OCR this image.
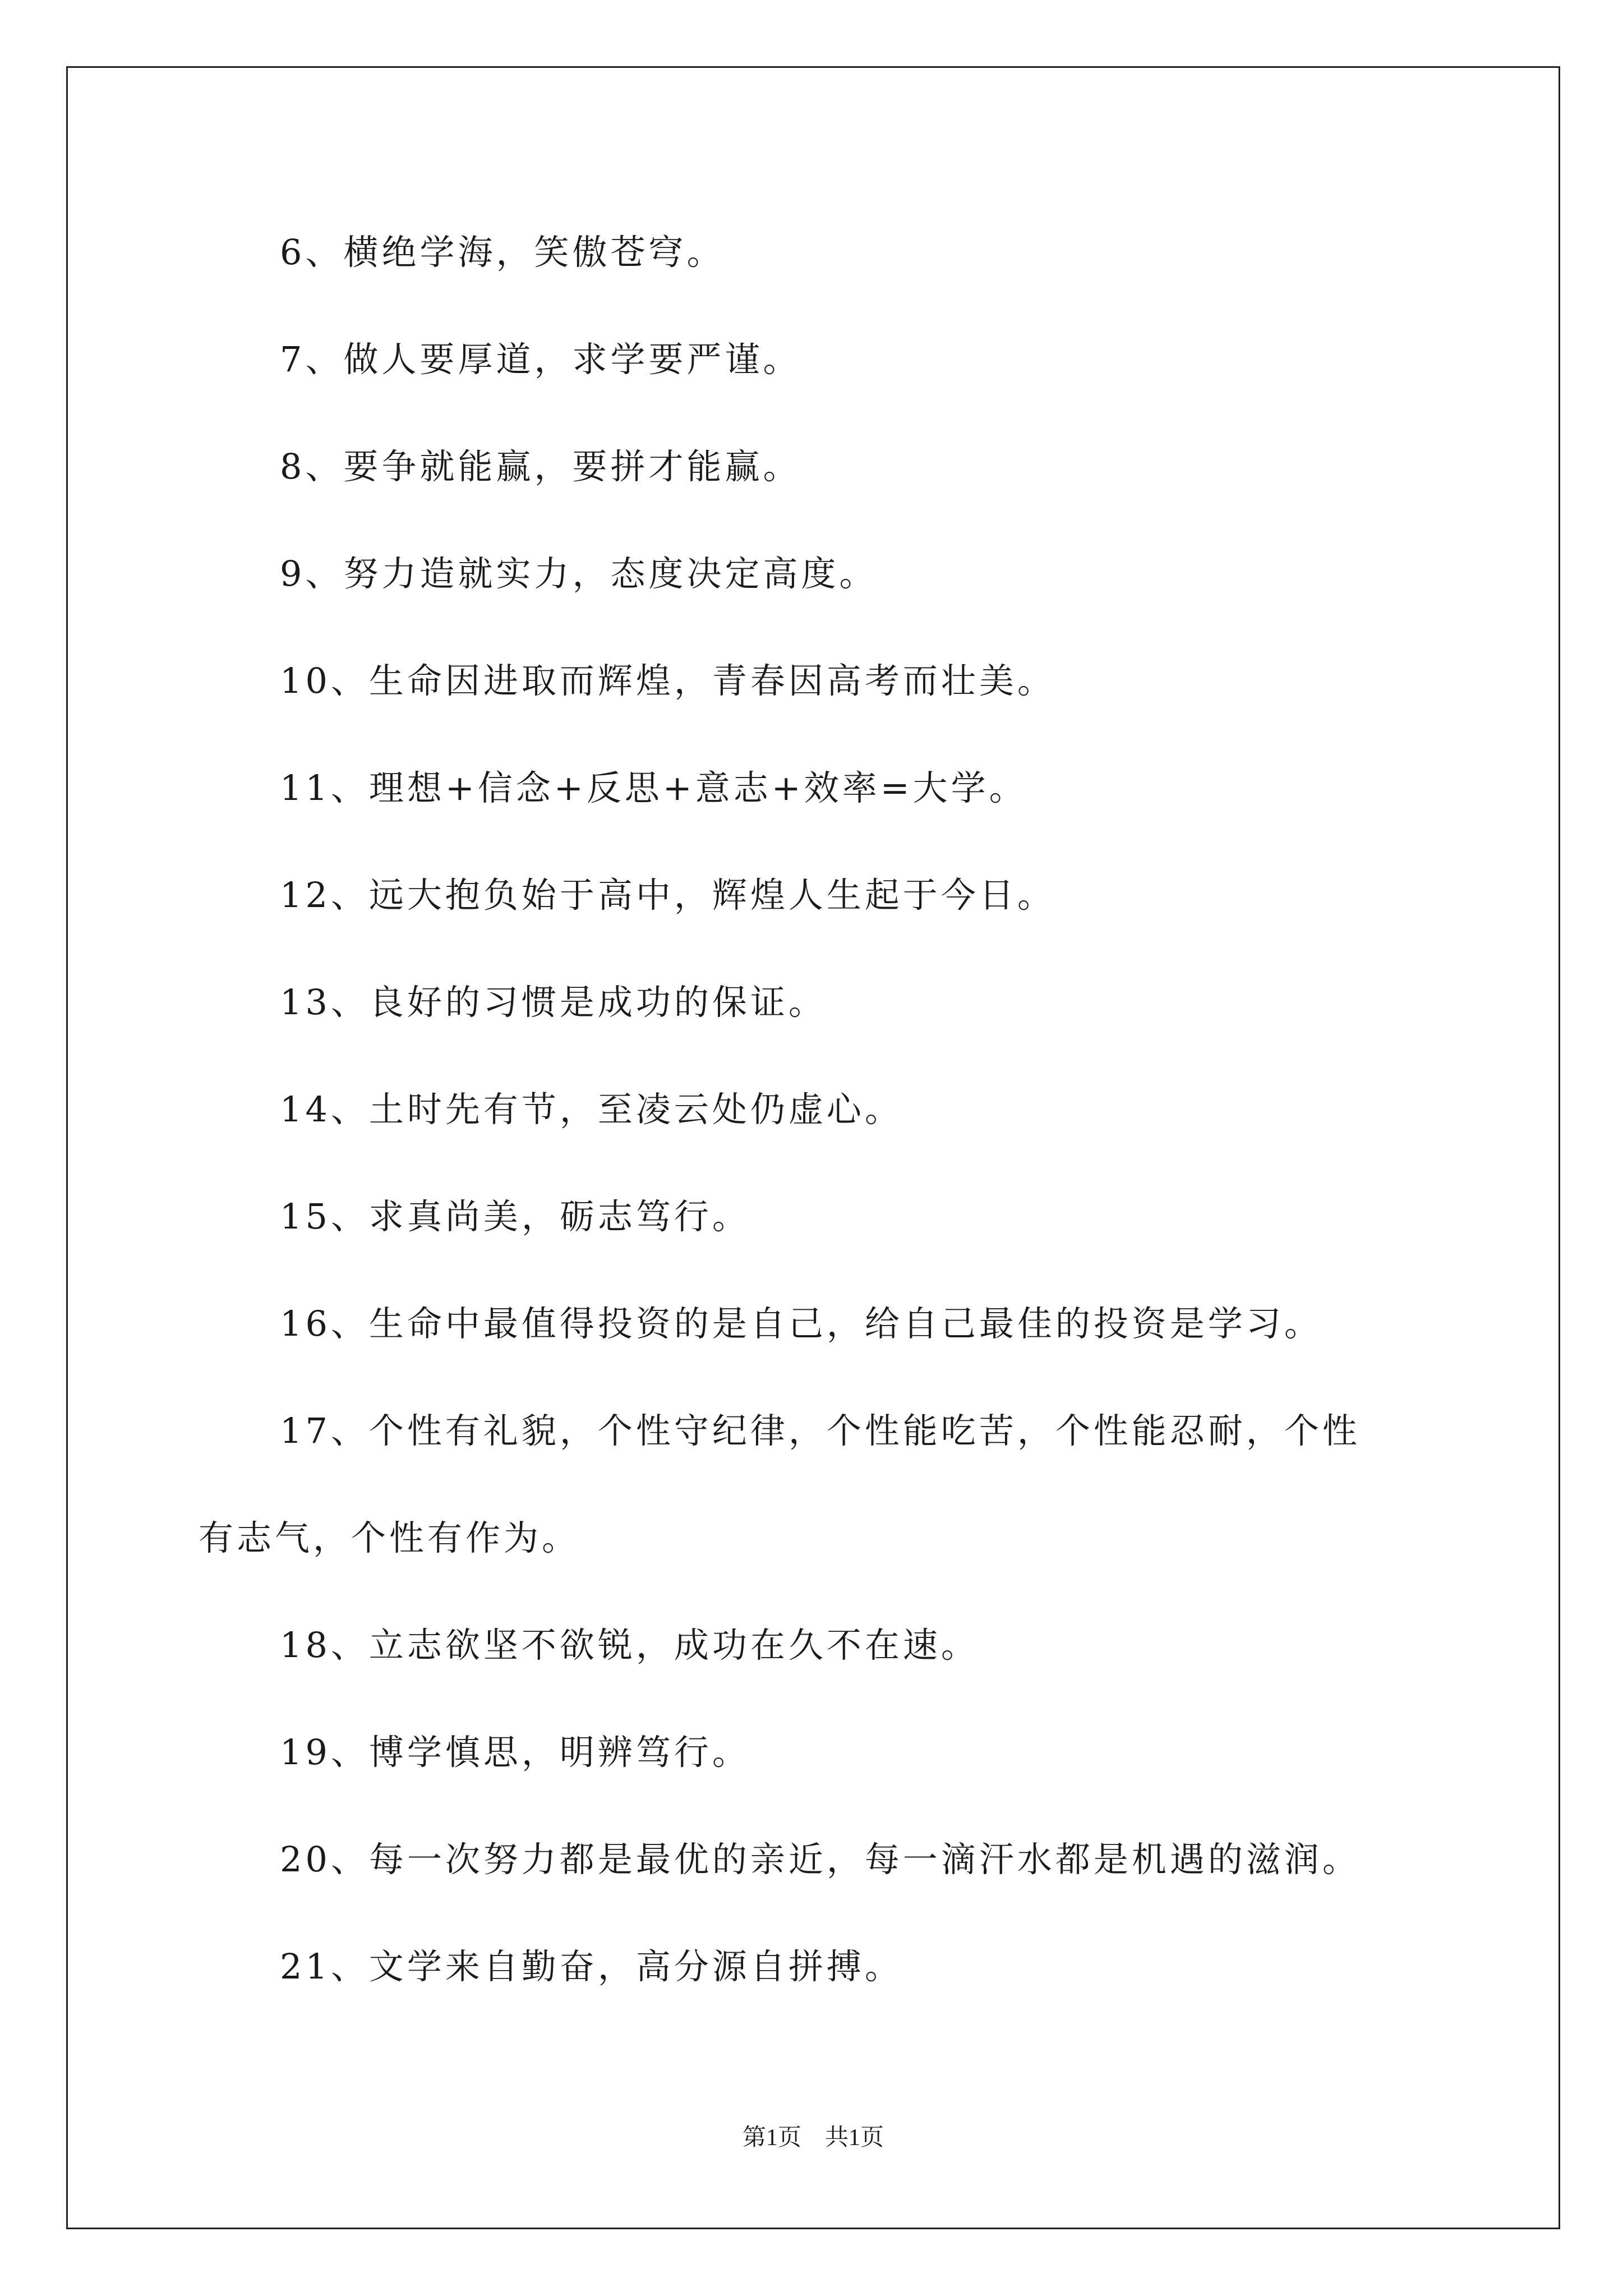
6、横绝学海，笑傲苍穹。
7、做人要厚道，求学要严谨。
8、要争就能赢，要拼才能赢。
9、努力造就实力，态度决定高度。
10、生命因进取而辉煌，青春因高考而壮美。
11、理想+信念+反思+意志+效率=大学。
12、远大抱负始于高中，辉煌人生起于今日。
13、良好的习惯是成功的保证。
14、土时先有节，至凌云处仍虚心。
15、求真尚美，砺志笃行。
16、生命中最值得投资的是自己，给自己最佳的投资是学习。
17、个性有礼貌，个性守纪律，个性能吃苦，个性能忍耐，个性
有志气，个性有作为。
18、立志欲坚不欲锐，成功在久不在速。
19、博学慎思，明辨笃行。
20、每一次努力都是最优的亲近，每一滴汗水都是机遇的滋润。
21、文学来自勤奋，高分源自拼搏。
第1页　共1页
